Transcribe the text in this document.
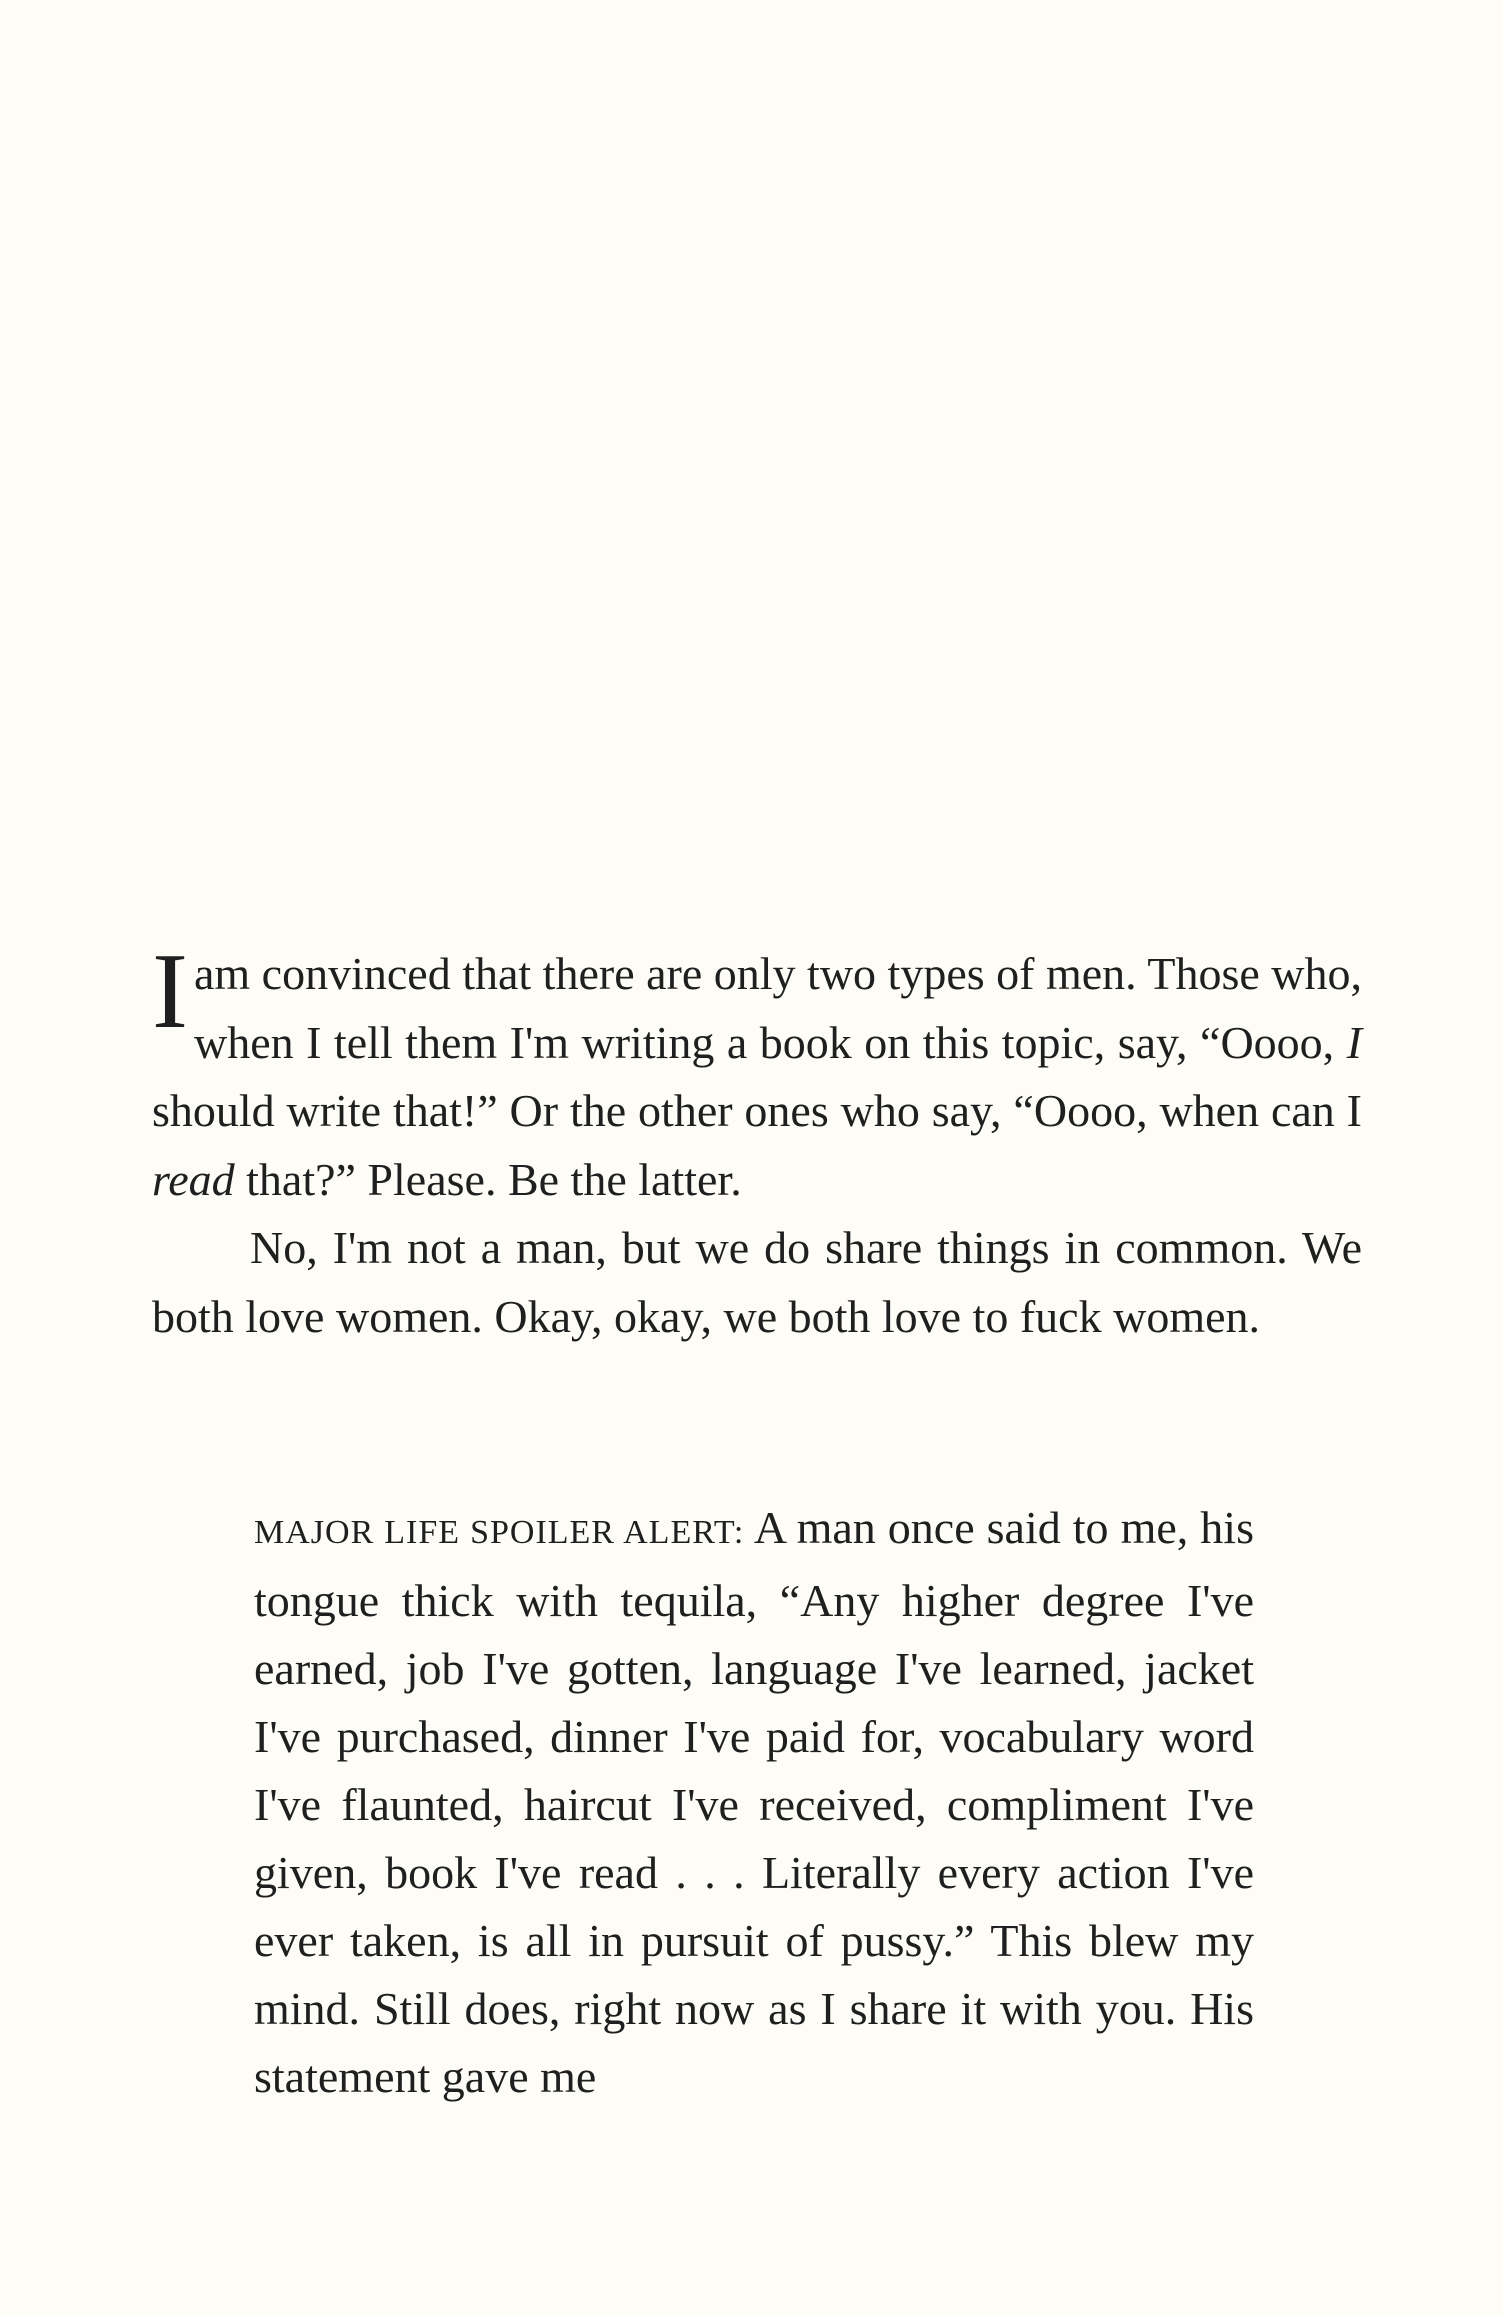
I am convinced that there are only two types of men. Those who, when I tell them I'm writing a book on this topic, say, “Oooo, I should write that!” Or the other ones who say, “Oooo, when can I read that?” Please. Be the latter.

No, I'm not a man, but we do share things in common. We both love women. Okay, okay, we both love to fuck women.

MAJOR LIFE SPOILER ALERT: A man once said to me, his tongue thick with tequila, “Any higher degree I've earned, job I've gotten, language I've learned, jacket I've purchased, dinner I've paid for, vocabulary word I've flaunted, haircut I've received, compliment I've given, book I've read . . . Literally every action I've ever taken, is all in pursuit of pussy.” This blew my mind. Still does, right now as I share it with you. His statement gave me
